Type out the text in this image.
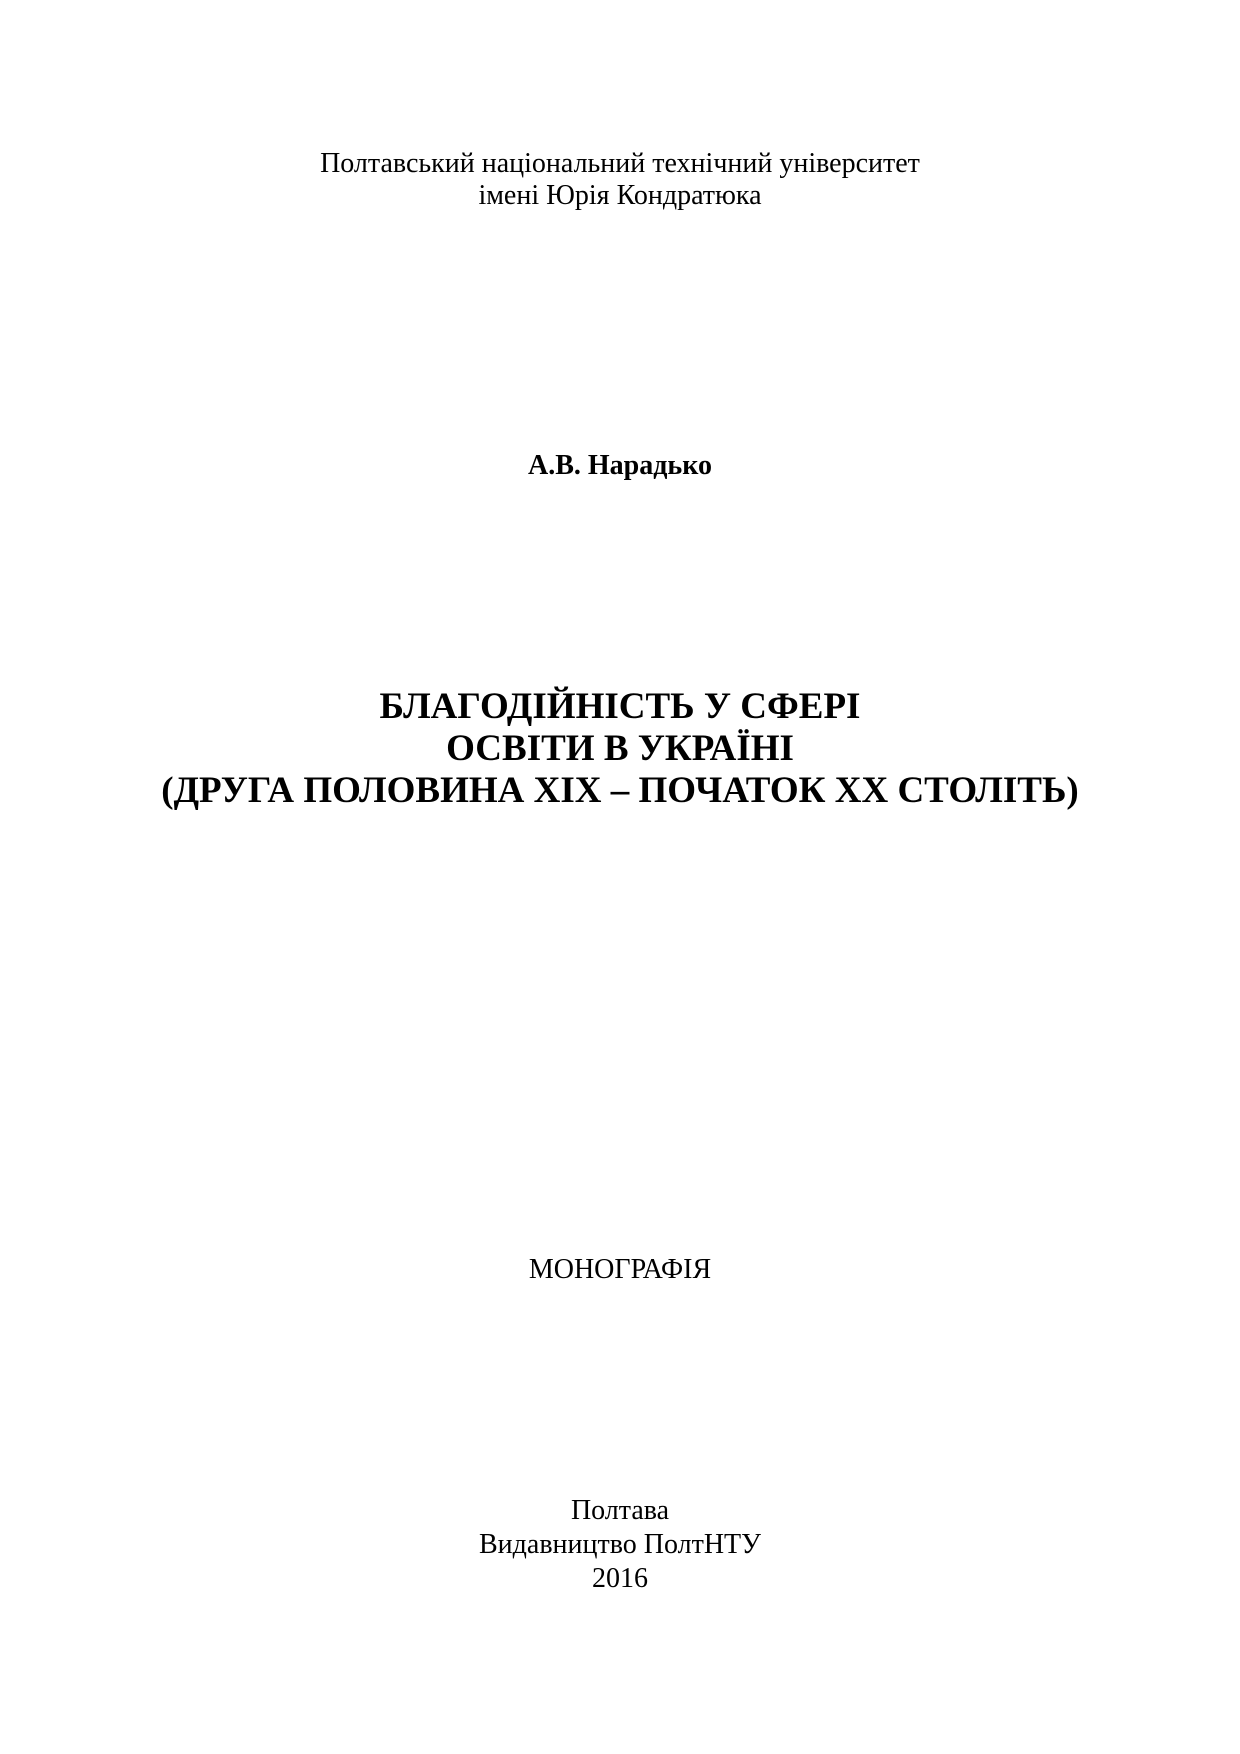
Полтавський національний технічний університет
імені Юрія Кондратюка
А.В. Нарадько
БЛАГОДІЙНІСТЬ У СФЕРІ
ОСВІТИ В УКРАЇНІ
(ДРУГА ПОЛОВИНА XIX – ПОЧАТОК XX СТОЛІТЬ)
МОНОГРАФІЯ
Полтава
Видавництво ПолтНТУ
2016
